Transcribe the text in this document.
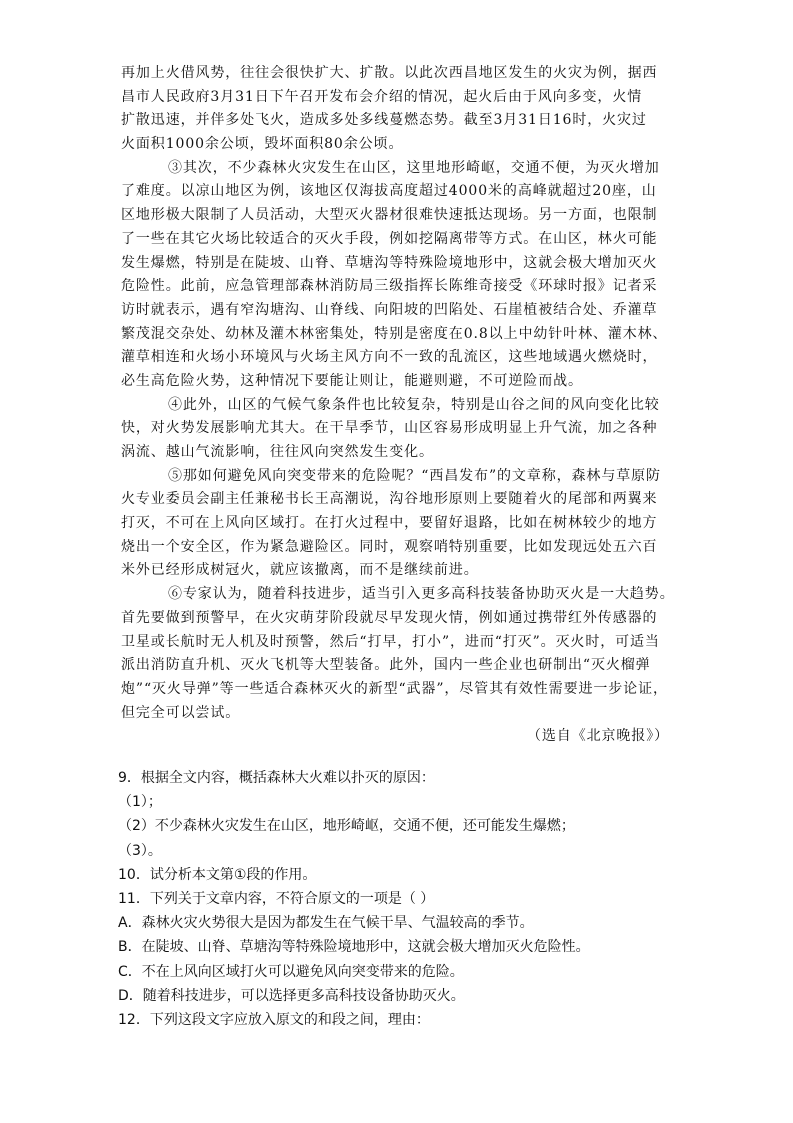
再加上火借风势，往往会很快扩大、扩散。以此次西昌地区发生的火灾为例，据西
昌市人民政府3月31日下午召开发布会介绍的情况，起火后由于风向多变，火情
扩散迅速，并伴多处飞火，造成多处多线蔓燃态势。截至3月31日16时，火灾过
火面积1000余公顷，毁坏面积80余公顷。
③其次，不少森林火灾发生在山区，这里地形崎岖，交通不便，为灭火增加
了难度。以凉山地区为例，该地区仅海拔高度超过4000米的高峰就超过20座，山
区地形极大限制了人员活动，大型灭火器材很难快速抵达现场。另一方面，也限制
了一些在其它火场比较适合的灭火手段，例如挖隔离带等方式。在山区，林火可能
发生爆燃，特别是在陡坡、山脊、草塘沟等特殊险境地形中，这就会极大增加灭火
危险性。此前，应急管理部森林消防局三级指挥长陈维奇接受《环球时报》记者采
访时就表示，遇有窄沟塘沟、山脊线、向阳坡的凹陷处、石崖植被结合处、乔灌草
繁茂混交杂处、幼林及灌木林密集处，特别是密度在0.8以上中幼针叶林、灌木林、
灌草相连和火场小环境风与火场主风方向不一致的乱流区，这些地域遇火燃烧时，
必生高危险火势，这种情况下要能让则让，能避则避，不可逆险而战。
④此外，山区的气候气象条件也比较复杂，特别是山谷之间的风向变化比较
快，对火势发展影响尤其大。在干旱季节，山区容易形成明显上升气流，加之各种
涡流、越山气流影响，往往风向突然发生变化。
⑤那如何避免风向突变带来的危险呢？“西昌发布”的文章称，森林与草原防
火专业委员会副主任兼秘书长王高潮说，沟谷地形原则上要随着火的尾部和两翼来
打灭，不可在上风向区域打。在打火过程中，要留好退路，比如在树林较少的地方
烧出一个安全区，作为紧急避险区。同时，观察哨特别重要，比如发现远处五六百
米外已经形成树冠火，就应该撤离，而不是继续前进。
⑥专家认为，随着科技进步，适当引入更多高科技装备协助灭火是一大趋势。
首先要做到预警早，在火灾萌芽阶段就尽早发现火情，例如通过携带红外传感器的
卫星或长航时无人机及时预警，然后“打早，打小”，进而“打灭”。灭火时，可适当
派出消防直升机、灭火飞机等大型装备。此外，国内一些企业也研制出“灭火榴弹
炮”“灭火导弹”等一些适合森林灭火的新型“武器”，尽管其有效性需要进一步论证，
但完全可以尝试。
（选自《北京晚报》）
9．根据全文内容，概括森林大火难以扑灭的原因：
（1）；
（2）不少森林火灾发生在山区，地形崎岖，交通不便，还可能发生爆燃；
（3）。
10．试分析本文第①段的作用。
11．下列关于文章内容，不符合原文的一项是（ ）
A．森林火灾火势很大是因为都发生在气候干旱、气温较高的季节。
B．在陡坡、山脊、草塘沟等特殊险境地形中，这就会极大增加灭火危险性。
C．不在上风向区域打火可以避免风向突变带来的危险。
D．随着科技进步，可以选择更多高科技设备协助灭火。
12．下列这段文字应放入原文的和段之间，理由：
